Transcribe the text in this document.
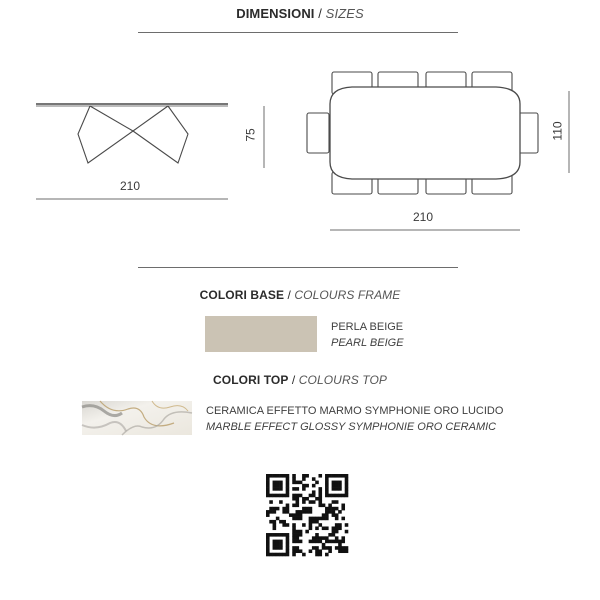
DIMENSIONI / SIZES
210
75
210
110
COLORI BASE / COLOURS FRAME
PERLA BEIGE
PEARL BEIGE
COLORI TOP / COLOURS TOP
CERAMICA EFFETTO MARMO SYMPHONIE ORO LUCIDO
MARBLE EFFECT GLOSSY SYMPHONIE ORO CERAMIC
